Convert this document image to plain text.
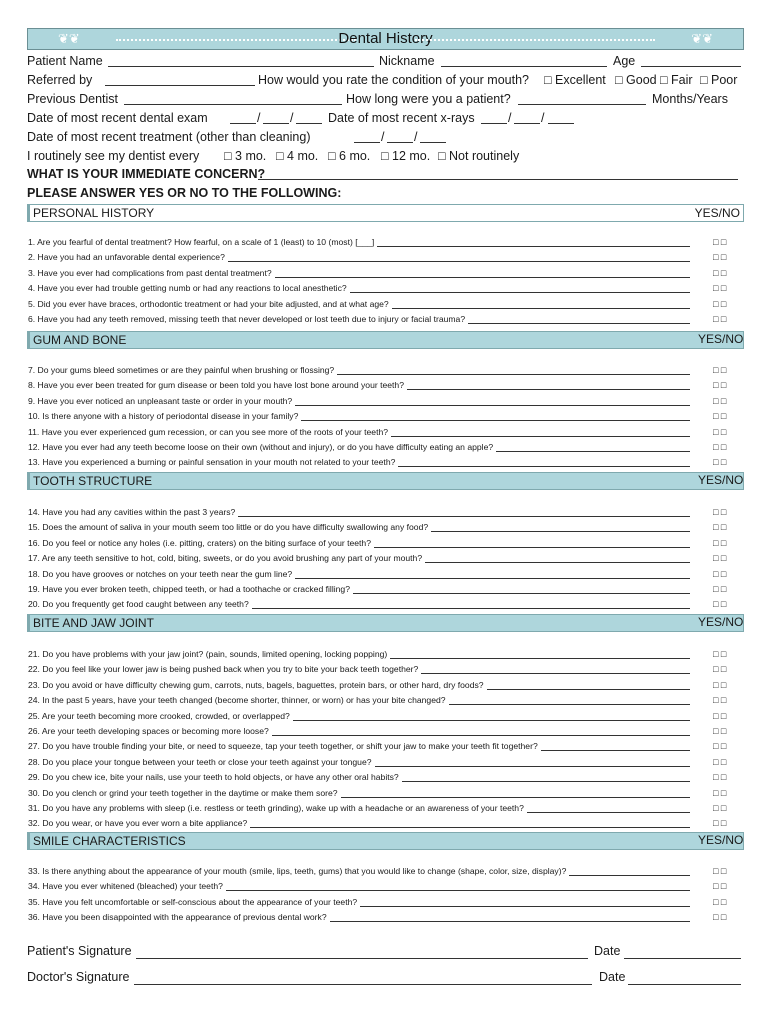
❦❦	Dental History	❦❦
Patient Name	Nickname	Age
Referred by	How would you rate the condition of your mouth? □ Excellent □ Good □ Fair □ Poor
Previous Dentist	How long were you a patient?	Months/Years
Date of most recent dental exam	/ /	Date of most recent x-rays	/ /
Date of most recent treatment (other than cleaning)	/ /
I routinely see my dentist every □ 3 mo. □ 4 mo. □ 6 mo. □ 12 mo. □ Not routinely
WHAT IS YOUR IMMEDIATE CONCERN?
PLEASE ANSWER YES OR NO TO THE FOLLOWING:
PERSONAL HISTORY	YES/NO
1. Are you fearful of dental treatment? How fearful, on a scale of 1 (least) to 10 (most) [___]	□ □
2. Have you had an unfavorable dental experience?	□ □
3. Have you ever had complications from past dental treatment?	□ □
4. Have you ever had trouble getting numb or had any reactions to local anesthetic?	□ □
5. Did you ever have braces, orthodontic treatment or had your bite adjusted, and at what age?	□ □
6. Have you had any teeth removed, missing teeth that never developed or lost teeth due to injury or facial trauma?	□ □
GUM AND BONE	YES/NO
7. Do your gums bleed sometimes or are they painful when brushing or flossing?	□ □
8. Have you ever been treated for gum disease or been told you have lost bone around your teeth?	□ □
9. Have you ever noticed an unpleasant taste or order in your mouth?	□ □
10. Is there anyone with a history of periodontal disease in your family?	□ □
11. Have you ever experienced gum recession, or can you see more of the roots of your teeth?	□ □
12. Have you ever had any teeth become loose on their own (without and injury), or do you have difficulty eating an apple?	□ □
13. Have you experienced a burning or painful sensation in your mouth not related to your teeth?	□ □
TOOTH STRUCTURE	YES/NO
14. Have you had any cavities within the past 3 years?	□ □
15. Does the amount of saliva in your mouth seem too little or do you have difficulty swallowing any food?	□ □
16. Do you feel or notice any holes (i.e. pitting, craters) on the biting surface of your teeth?	□ □
17. Are any teeth sensitive to hot, cold, biting, sweets, or do you avoid brushing any part of your mouth?	□ □
18. Do you have grooves or notches on your teeth near the gum line?	□ □
19. Have you ever broken teeth, chipped teeth, or had a toothache or cracked filling?	□ □
20. Do you frequently get food caught between any teeth?	□ □
BITE AND JAW JOINT	YES/NO
21. Do you have problems with your jaw joint? (pain, sounds, limited opening, locking popping)	□ □
22. Do you feel like your lower jaw is being pushed back when you try to bite your back teeth together?	□ □
23. Do you avoid or have difficulty chewing gum, carrots, nuts, bagels, baguettes, protein bars, or other hard, dry foods?	□ □
24. In the past 5 years, have your teeth changed (become shorter, thinner, or worn) or has your bite changed?	□ □
25. Are your teeth becoming more crooked, crowded, or overlapped?	□ □
26. Are your teeth developing spaces or becoming more loose?	□ □
27. Do you have trouble finding your bite, or need to squeeze, tap your teeth together, or shift your jaw to make your teeth fit together?	□ □
28. Do you place your tongue between your teeth or close your teeth against your tongue?	□ □
29. Do you chew ice, bite your nails, use your teeth to hold objects, or have any other oral habits?	□ □
30. Do you clench or grind your teeth together in the daytime or make them sore?	□ □
31. Do you have any problems with sleep (i.e. restless or teeth grinding), wake up with a headache or an awareness of your teeth?	□ □
32. Do you wear, or have you ever worn a bite appliance?	□ □
SMILE CHARACTERISTICS	YES/NO
33. Is there anything about the appearance of your mouth (smile, lips, teeth, gums) that you would like to change (shape, color, size, display)?	□ □
34. Have you ever whitened (bleached) your teeth?	□ □
35. Have you felt uncomfortable or self-conscious about the appearance of your teeth?	□ □
36. Have you been disappointed with the appearance of previous dental work?	□ □
Patient's Signature	Date
Doctor's Signature	Date
